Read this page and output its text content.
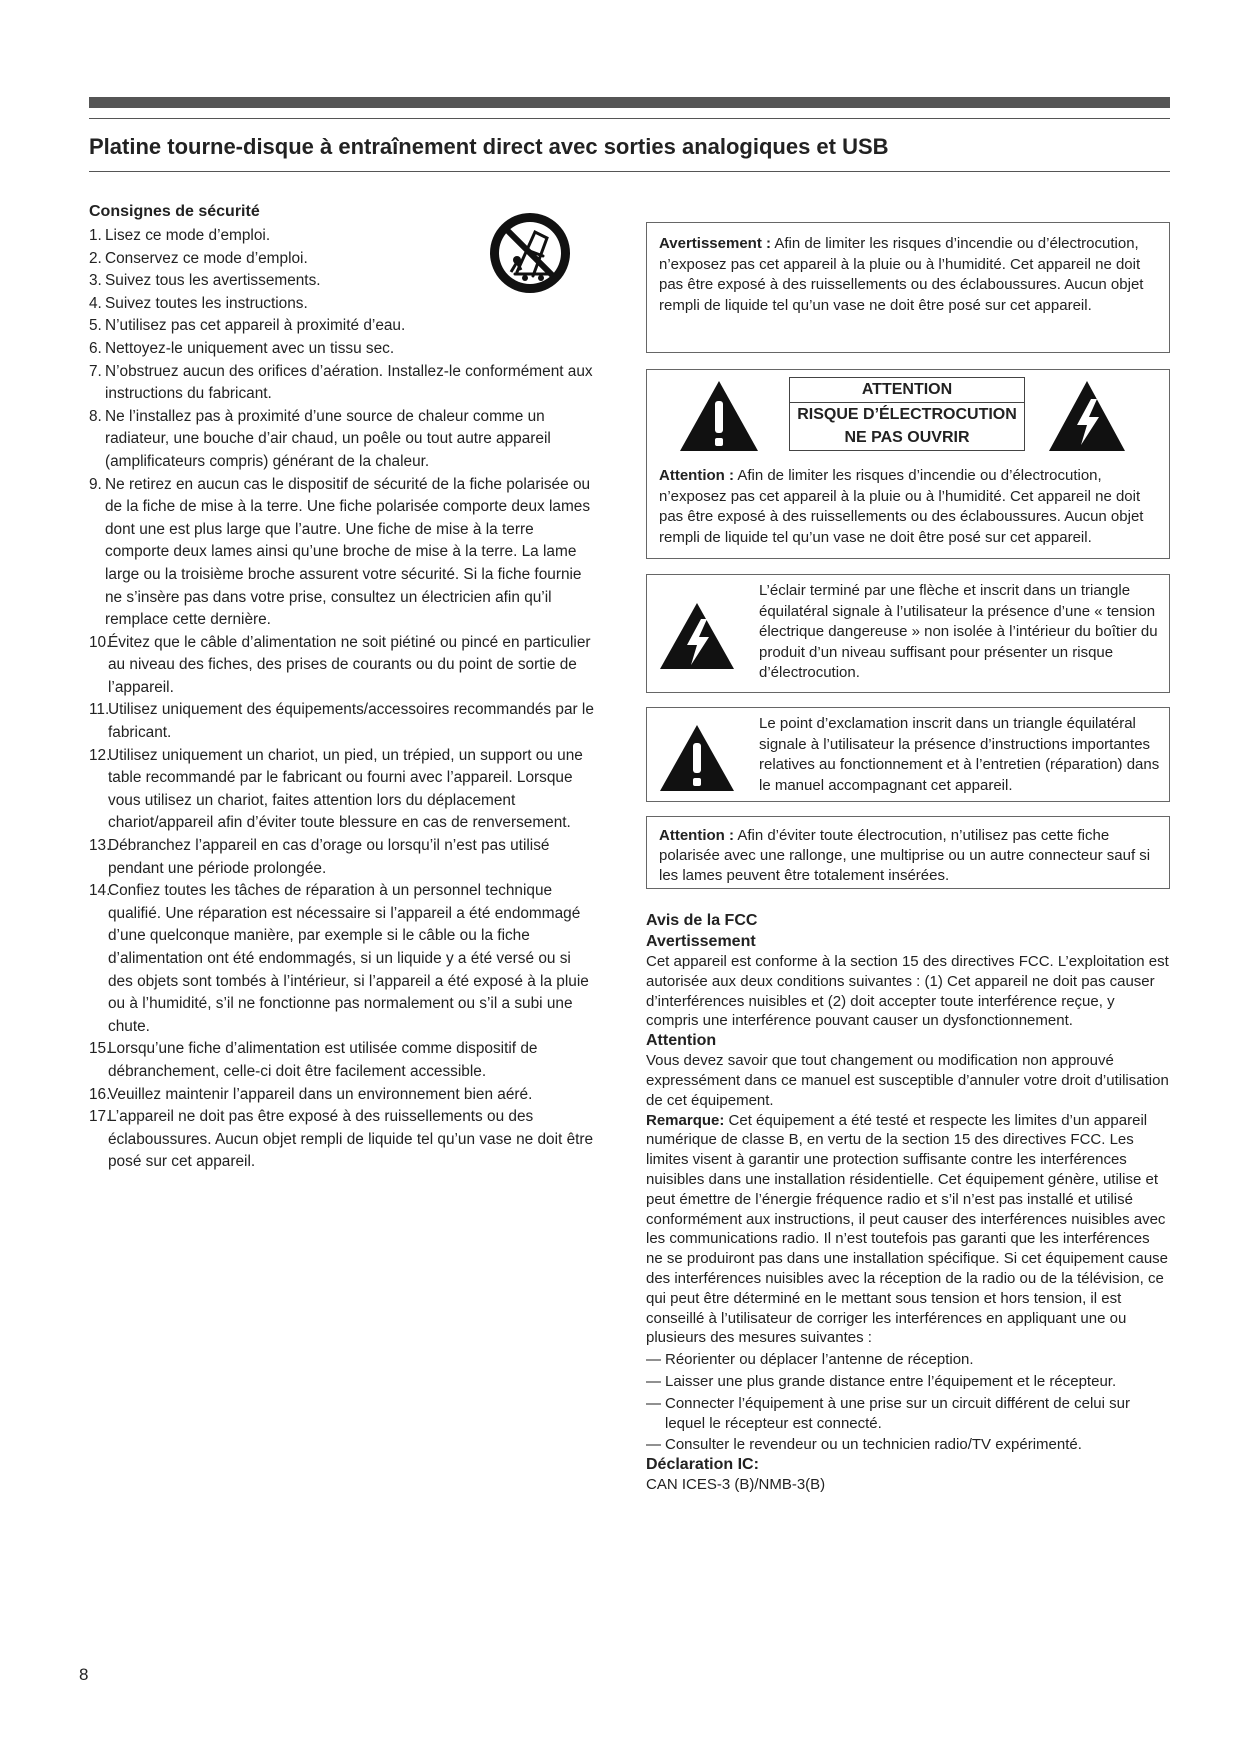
Platine tourne-disque à entraînement direct avec sorties analogiques et USB
Consignes de sécurité
1. Lisez ce mode d’emploi.
2. Conservez ce mode d’emploi.
3. Suivez tous les avertissements.
4. Suivez toutes les instructions.
5. N’utilisez pas cet appareil à proximité d’eau.
6. Nettoyez-le uniquement avec un tissu sec.
7. N’obstruez aucun des orifices d’aération. Installez-le conformément aux instructions du fabricant.
8. Ne l’installez pas à proximité d’une source de chaleur comme un radiateur, une bouche d’air chaud, un poêle ou tout autre appareil (amplificateurs compris) générant de la chaleur.
9. Ne retirez en aucun cas le dispositif de sécurité de la fiche polarisée ou de la fiche de mise à la terre. Une fiche polarisée comporte deux lames dont une est plus large que l’autre. Une fiche de mise à la terre comporte deux lames ainsi qu’une broche de mise à la terre. La lame large ou la troisième broche assurent votre sécurité. Si la fiche fournie ne s’insère pas dans votre prise, consultez un électricien afin qu’il remplace cette dernière.
10.
Évitez que le câble d’alimentation ne soit piétiné ou pincé en particulier au niveau des fiches, des prises de courants ou du point de sortie de l’appareil.
11.
Utilisez uniquement des équipements/accessoires recommandés par le fabricant.
12.
Utilisez uniquement un chariot, un pied, un trépied, un support ou une table recommandé par le fabricant ou fourni avec l’appareil. Lorsque vous utilisez un chariot, faites attention lors du déplacement chariot/appareil afin d’éviter toute blessure en cas de renversement.
13.
Débranchez l’appareil en cas d’orage ou lorsqu’il n’est pas utilisé pendant une période prolongée.
14.
Confiez toutes les tâches de réparation à un personnel technique qualifié. Une réparation est nécessaire si l’appareil a été endommagé d’une quelconque manière, par exemple si le câble ou la fiche d’alimentation ont été endommagés, si un liquide y a été versé ou si des objets sont tombés à l’intérieur, si l’appareil a été exposé à la pluie ou à l’humidité, s’il ne fonctionne pas normalement ou s’il a subi une chute.
15.
Lorsqu’une fiche d’alimentation est utilisée comme dispositif de débranchement, celle-ci doit être facilement accessible.
16.
Veuillez maintenir l’appareil dans un environnement bien aéré.
17.
L’appareil ne doit pas être exposé à des ruissellements ou des éclaboussures. Aucun objet rempli de liquide tel qu’un vase ne doit être posé sur cet appareil.
Avertissement : Afin de limiter les risques d’incendie ou d’électrocution, n’exposez pas cet appareil à la pluie ou à l’humidité. Cet appareil ne doit pas être exposé à des ruissellements ou des éclaboussures. Aucun objet rempli de liquide tel qu’un vase ne doit être posé sur cet appareil.
ATTENTION
RISQUE D’ÉLECTROCUTION
NE PAS OUVRIR
Attention : Afin de limiter les risques d’incendie ou d’électrocution, n’exposez pas cet appareil à la pluie ou à l’humidité. Cet appareil ne doit pas être exposé à des ruissellements ou des éclaboussures. Aucun objet rempli de liquide tel qu’un vase ne doit être posé sur cet appareil.
L’éclair terminé par une flèche et inscrit dans un triangle équilatéral signale à l’utilisateur la présence d’une « tension électrique dangereuse » non isolée à l’intérieur du boîtier du produit d’un niveau suffisant pour présenter un risque d’électrocution.
Le point d’exclamation inscrit dans un triangle équilatéral signale à l’utilisateur la présence d’instructions importantes relatives au fonctionnement et à l’entretien (réparation) dans le manuel accompagnant cet appareil.
Attention : Afin d’éviter toute électrocution, n’utilisez pas cette fiche polarisée avec une rallonge, une multiprise ou un autre connecteur sauf si les lames peuvent être totalement insérées.
Avis de la FCC
Avertissement

Cet appareil est conforme à la section 15 des directives FCC. L’exploitation est autorisée aux deux conditions suivantes : (1) Cet appareil ne doit pas causer d’interférences nuisibles et (2) doit accepter toute interférence reçue, y compris une interférence pouvant causer un dysfonctionnement.

Attention

Vous devez savoir que tout changement ou modification non approuvé expressément dans ce manuel est susceptible d’annuler votre droit d’utilisation de cet équipement.

Remarque: Cet équipement a été testé et respecte les limites d’un appareil numérique de classe B, en vertu de la section 15 des directives FCC. Les limites visent à garantir une protection suffisante contre les interférences nuisibles dans une installation résidentielle. Cet équipement génère, utilise et peut émettre de l’énergie fréquence radio et s’il n’est pas installé et utilisé conformément aux instructions, il peut causer des interférences nuisibles avec les communications radio. Il n’est toutefois pas garanti que les interférences ne se produiront pas dans une installation spécifique. Si cet équipement cause des interférences nuisibles avec la réception de la radio ou de la télévision, ce qui peut être déterminé en le mettant sous tension et hors tension, il est conseillé à l’utilisateur de corriger les interférences en appliquant une ou plusieurs des mesures suivantes :

— Réorienter ou déplacer l’antenne de réception.
— Laisser une plus grande distance entre l’équipement et le récepteur.
— Connecter l’équipement à une prise sur un circuit différent de celui sur lequel le récepteur est connecté.
— Consulter le revendeur ou un technicien radio/TV expérimenté.
Déclaration IC:

CAN ICES-3 (B)/NMB-3(B)

8
